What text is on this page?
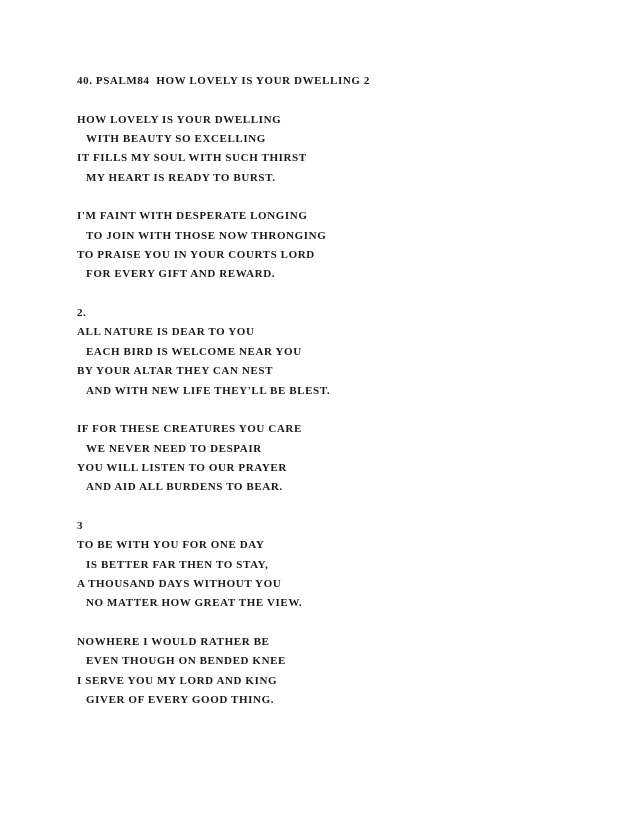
40. PSALM84  HOW LOVELY IS YOUR DWELLING 2
HOW LOVELY IS YOUR DWELLING
WITH BEAUTY SO EXCELLING
IT FILLS MY SOUL WITH SUCH THIRST
MY HEART IS READY TO BURST.
I'M FAINT WITH DESPERATE LONGING
TO JOIN WITH THOSE NOW THRONGING
TO PRAISE YOU IN YOUR COURTS LORD
FOR EVERY GIFT AND REWARD.
2.
ALL NATURE IS DEAR TO YOU
EACH BIRD IS WELCOME NEAR YOU
BY YOUR ALTAR THEY CAN NEST
AND WITH NEW LIFE THEY'LL BE BLEST.
IF FOR THESE CREATURES YOU CARE
WE NEVER NEED TO DESPAIR
YOU WILL LISTEN TO OUR PRAYER
AND AID ALL BURDENS TO BEAR.
3
TO BE WITH YOU FOR ONE DAY
IS BETTER FAR THEN TO STAY,
A THOUSAND DAYS WITHOUT YOU
NO MATTER HOW GREAT THE VIEW.
NOWHERE I WOULD RATHER BE
EVEN THOUGH ON BENDED KNEE
I SERVE YOU MY LORD AND KING
GIVER OF EVERY GOOD THING.
